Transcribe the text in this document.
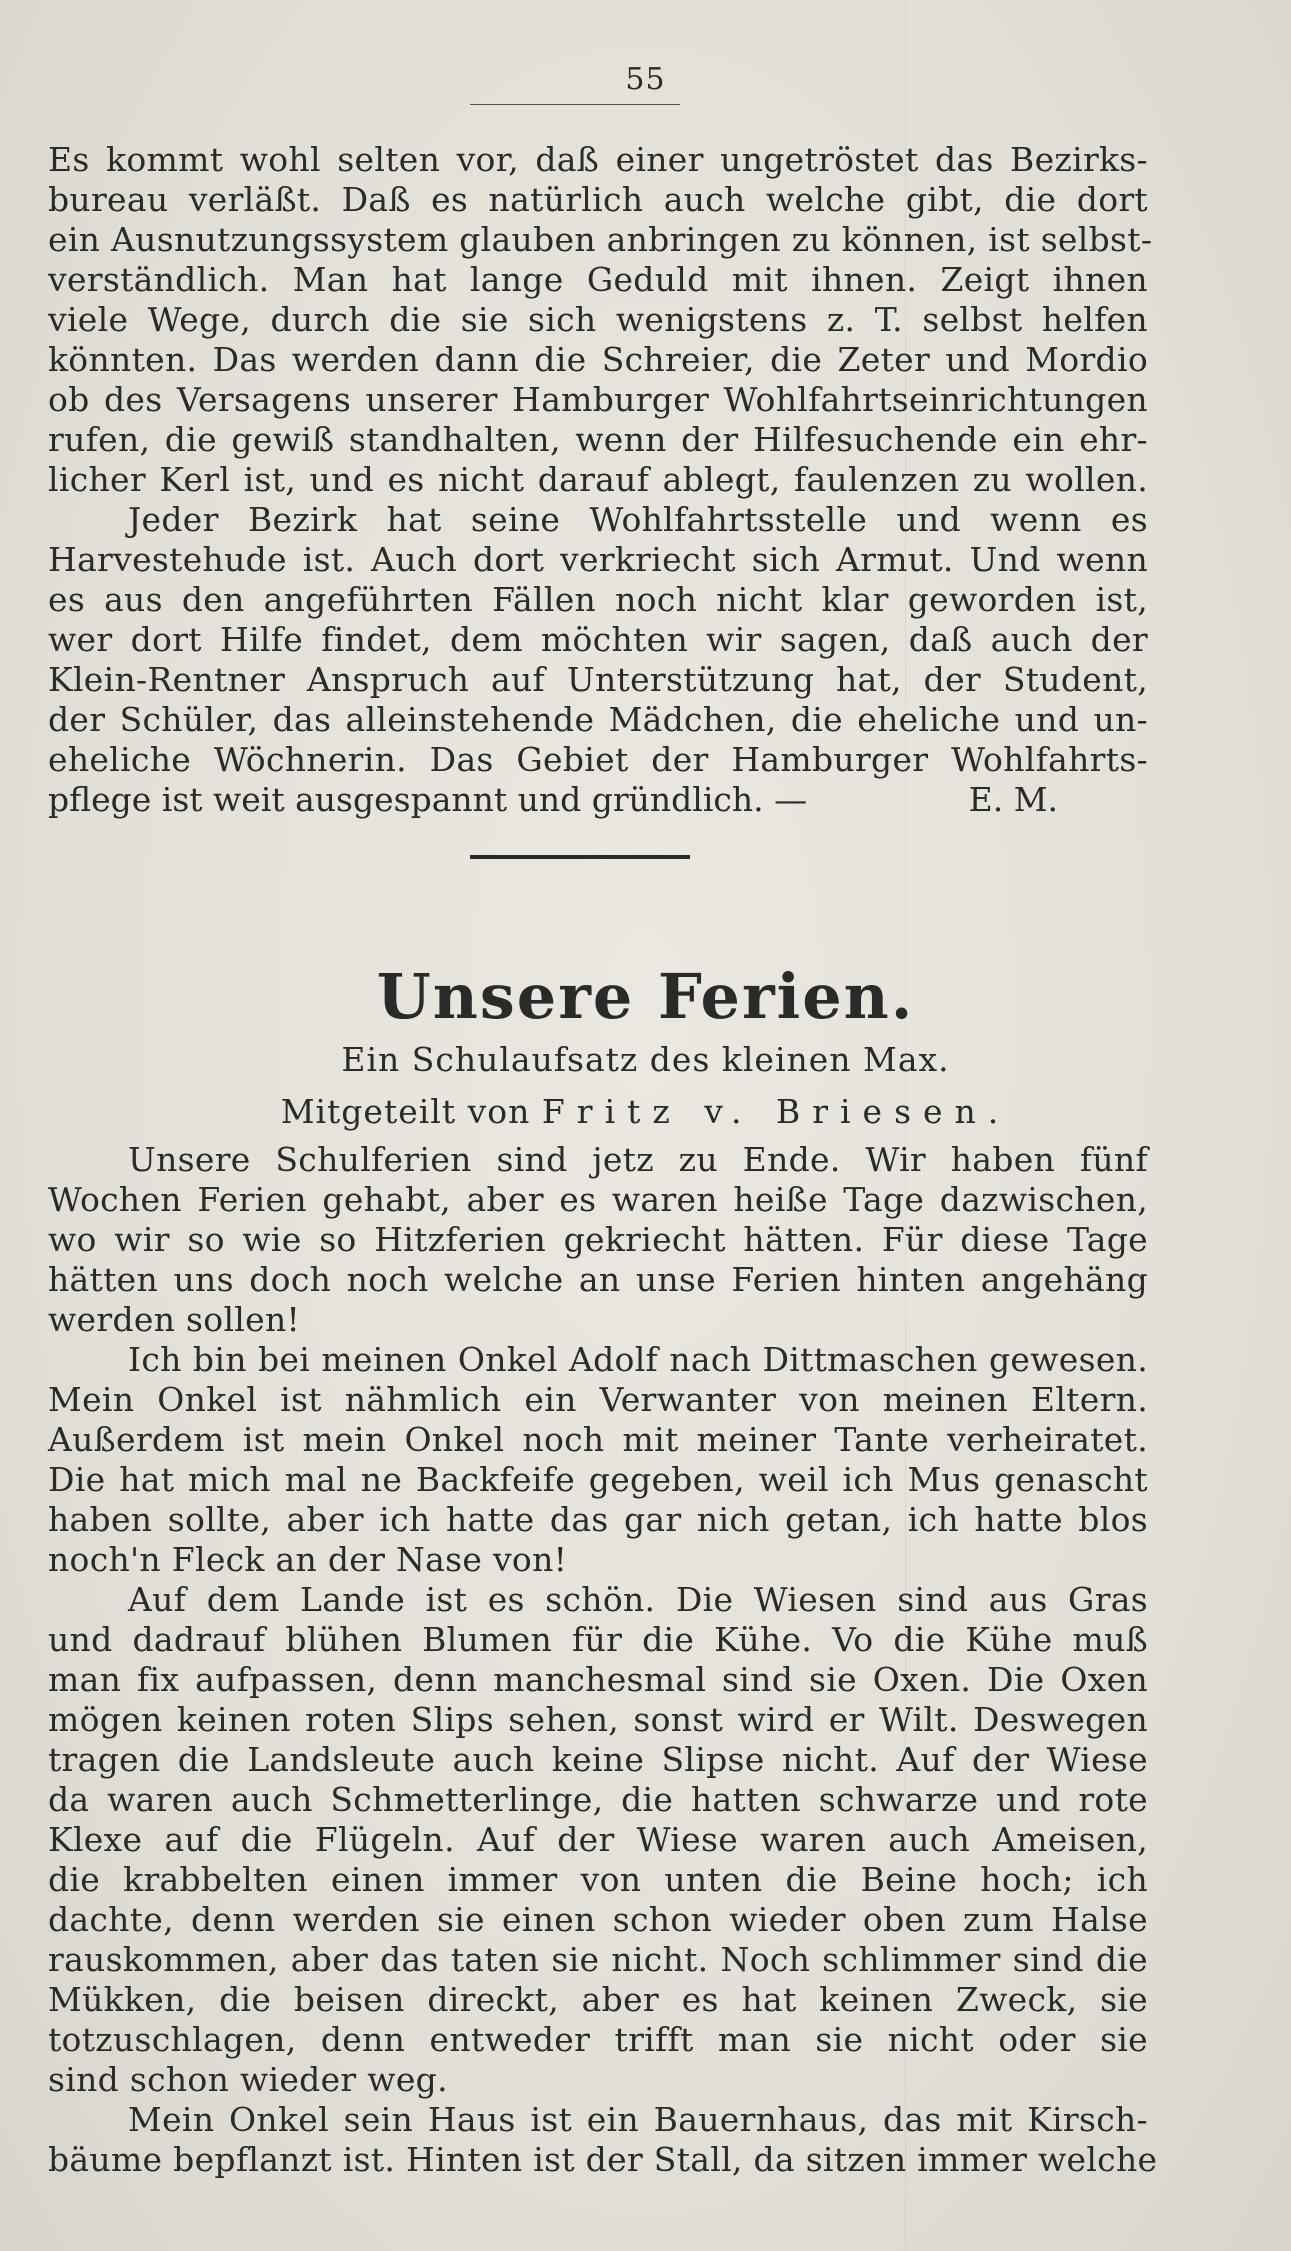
55
Es kommt wohl selten vor, daß einer ungetröstet das Bezirks-
bureau verläßt. Daß es natürlich auch welche gibt, die dort
ein Ausnutzungssystem glauben anbringen zu können, ist selbst-
verständlich. Man hat lange Geduld mit ihnen. Zeigt ihnen
viele Wege, durch die sie sich wenigstens z. T. selbst helfen
könnten. Das werden dann die Schreier, die Zeter und Mordio
ob des Versagens unserer Hamburger Wohlfahrtseinrichtungen
rufen, die gewiß standhalten, wenn der Hilfesuchende ein ehr-
licher Kerl ist, und es nicht darauf ablegt, faulenzen zu wollen.
Jeder Bezirk hat seine Wohlfahrtsstelle und wenn es
Harvestehude ist. Auch dort verkriecht sich Armut. Und wenn
es aus den angeführten Fällen noch nicht klar geworden ist,
wer dort Hilfe findet, dem möchten wir sagen, daß auch der
Klein-Rentner Anspruch auf Unterstützung hat, der Student,
der Schüler, das alleinstehende Mädchen, die eheliche und un-
eheliche Wöchnerin. Das Gebiet der Hamburger Wohlfahrts-
pflege ist weit ausgespannt und gründlich. —	E. M.
Unsere Ferien.
Ein Schulaufsatz des kleinen Max.
Mitgeteilt von Fritz v. Briesen.
Unsere Schulferien sind jetz zu Ende. Wir haben fünf
Wochen Ferien gehabt, aber es waren heiße Tage dazwischen,
wo wir so wie so Hitzferien gekriecht hätten. Für diese Tage
hätten uns doch noch welche an unse Ferien hinten angehäng
werden sollen!
Ich bin bei meinen Onkel Adolf nach Dittmaschen gewesen.
Mein Onkel ist nähmlich ein Verwanter von meinen Eltern.
Außerdem ist mein Onkel noch mit meiner Tante verheiratet.
Die hat mich mal ne Backfeife gegeben, weil ich Mus genascht
haben sollte, aber ich hatte das gar nich getan, ich hatte blos
noch'n Fleck an der Nase von!
Auf dem Lande ist es schön. Die Wiesen sind aus Gras
und dadrauf blühen Blumen für die Kühe. Vo die Kühe muß
man fix aufpassen, denn manchesmal sind sie Oxen. Die Oxen
mögen keinen roten Slips sehen, sonst wird er Wilt. Deswegen
tragen die Landsleute auch keine Slipse nicht. Auf der Wiese
da waren auch Schmetterlinge, die hatten schwarze und rote
Klexe auf die Flügeln. Auf der Wiese waren auch Ameisen,
die krabbelten einen immer von unten die Beine hoch; ich
dachte, denn werden sie einen schon wieder oben zum Halse
rauskommen, aber das taten sie nicht. Noch schlimmer sind die
Mükken, die beisen direckt, aber es hat keinen Zweck, sie
totzuschlagen, denn entweder trifft man sie nicht oder sie
sind schon wieder weg.
Mein Onkel sein Haus ist ein Bauernhaus, das mit Kirsch-
bäume bepflanzt ist. Hinten ist der Stall, da sitzen immer welche
